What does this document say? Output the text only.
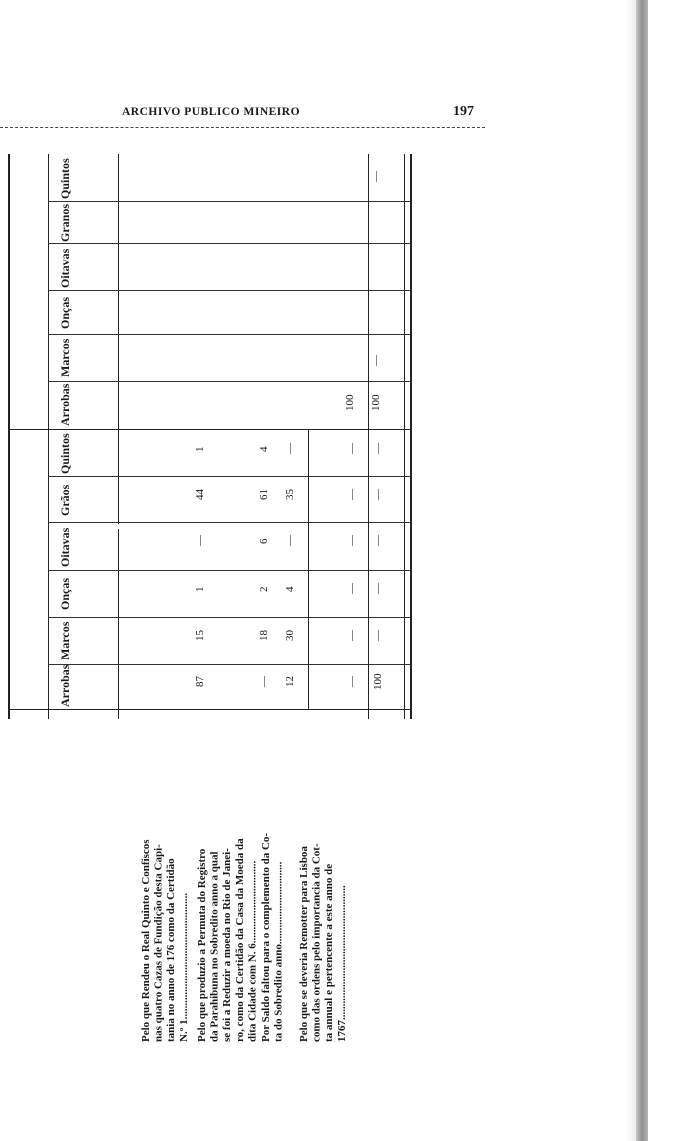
ARCHIVO PUBLICO MINEIRO	197
Quintos
Granos
Oitavas
Onças
Marcos
Arrobas
Quintos
Grãos
Oitavas
Onças
Marcos
Arrobas
100 100
—
—
1
44
—
1
15
87
4
61
6
2
18
—
—
35
—
4
30
12
—
—
—
—
—
—
—
—
—
—
—
100
Pelo que Rendeu o Real Quinto e Confiscos
nas quatro Cazas de Fundição desta Capi-
tania no anno de 176 como da Certidão
N.º 1..............................................
Pelo que produzio a Permuta do Registro
da Parahibuna no Sobredito anno a qual
se foi a Reduzir a moeda no Rio de Janei-
ro, como da Certidão da Casa da Moeda da
dita Cidade com N. 6..............................
Por Saldo faltou para o complemento da Co-
ta do Sobredito anno..............................
Pelo que se deveria Remotter para Lisboa
como das ordens pelo importancia da Cot-
ta annual e pertencente a este anno de
1767.................................................
